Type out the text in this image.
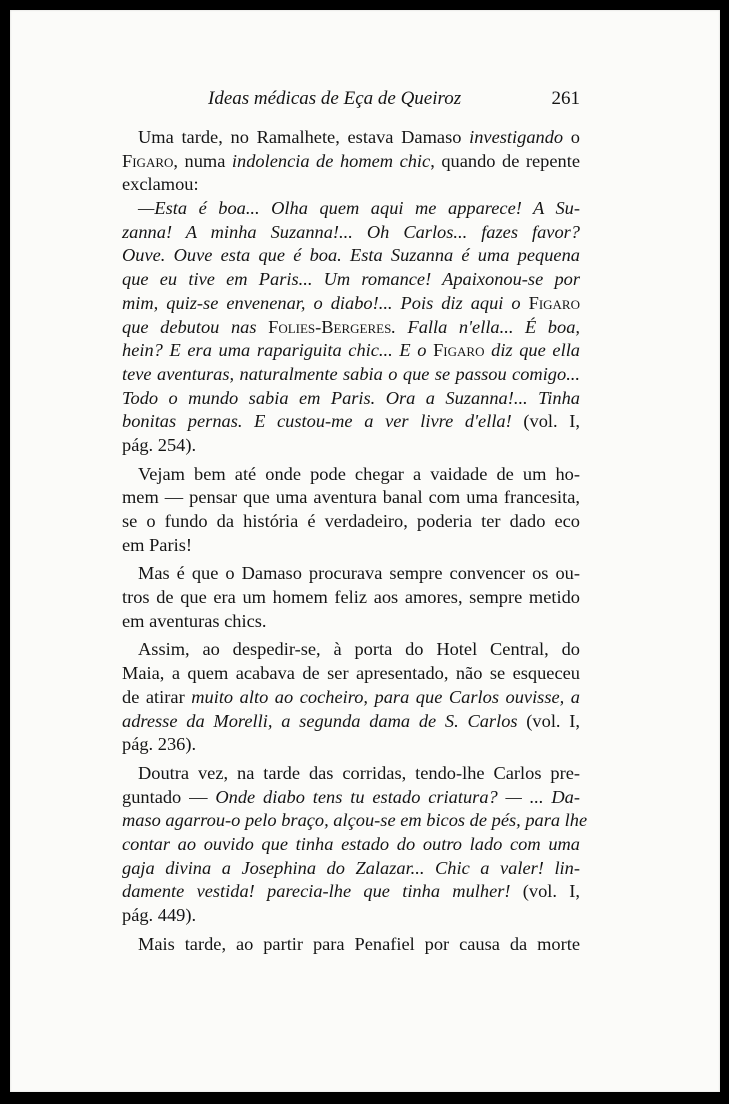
Ideas médicas de Eça de Queiroz	261
Uma tarde, no Ramalhete, estava Damaso investigando o
Figaro, numa indolencia de homem chic, quando de repente
exclamou:
—Esta é boa... Olha quem aqui me apparece! A Su-
zanna! A minha Suzanna!... Oh Carlos... fazes favor?
Ouve. Ouve esta que é boa. Esta Suzanna é uma pequena
que eu tive em Paris... Um romance! Apaixonou-se por
mim, quiz-se envenenar, o diabo!... Pois diz aqui o Figaro
que debutou nas Folies-Bergeres. Falla n'ella... É boa,
hein? E era uma rapariguita chic... E o Figaro diz que ella
teve aventuras, naturalmente sabia o que se passou comigo...
Todo o mundo sabia em Paris. Ora a Suzanna!... Tinha
bonitas pernas. E custou-me a ver livre d'ella! (vol. I,
pág. 254).
Vejam bem até onde pode chegar a vaidade de um ho-
mem — pensar que uma aventura banal com uma francesita,
se o fundo da história é verdadeiro, poderia ter dado eco
em Paris!
Mas é que o Damaso procurava sempre convencer os ou-
tros de que era um homem feliz aos amores, sempre metido
em aventuras chics.
Assim, ao despedir-se, à porta do Hotel Central, do
Maia, a quem acabava de ser apresentado, não se esqueceu
de atirar muito alto ao cocheiro, para que Carlos ouvisse, a
adresse da Morelli, a segunda dama de S. Carlos (vol. I,
pág. 236).
Doutra vez, na tarde das corridas, tendo-lhe Carlos pre-
guntado — Onde diabo tens tu estado criatura? — ... Da-
maso agarrou-o pelo braço, alçou-se em bicos de pés, para lhe
contar ao ouvido que tinha estado do outro lado com uma
gaja divina a Josephina do Zalazar... Chic a valer! lin-
damente vestida! parecia-lhe que tinha mulher! (vol. I,
pág. 449).
Mais tarde, ao partir para Penafiel por causa da morte
